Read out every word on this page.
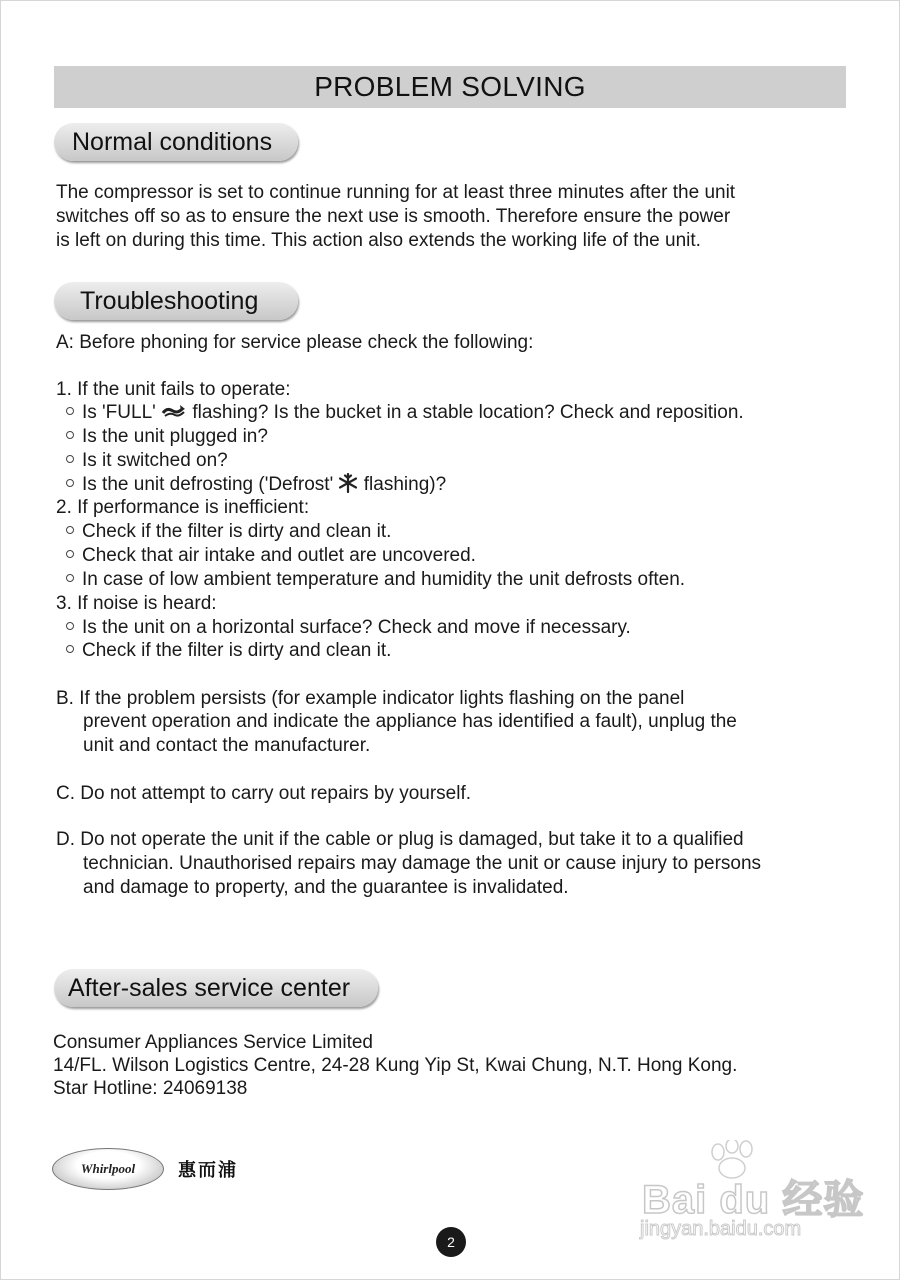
PROBLEM SOLVING
Normal conditions

The compressor is set to continue running for at least three minutes after the unit
switches off so as to ensure the next use is smooth. Therefore ensure the power
is left on during this time. This action also extends the working life of the unit.

Troubleshooting
A: Before phoning for service please check the following:
1. If the unit fails to operate:
Is 'FULL' flashing? Is the bucket in a stable location? Check and reposition.
Is the unit plugged in?
Is it switched on?
Is the unit defrosting ('Defrost' flashing)?
2. If performance is inefficient:
Check if the filter is dirty and clean it.
Check that air intake and outlet are uncovered.
In case of low ambient temperature and humidity the unit defrosts often.
3. If noise is heard:
Is the unit on a horizontal surface? Check and move if necessary.
Check if the filter is dirty and clean it.
B. If the problem persists (for example indicator lights flashing on the panel
prevent operation and indicate the appliance has identified a fault), unplug the
unit and contact the manufacturer.
C. Do not attempt to carry out repairs by yourself.
D. Do not operate the unit if the cable or plug is damaged, but take it to a qualified
technician. Unauthorised repairs may damage the unit or cause injury to persons
and damage to property, and the guarantee is invalidated.
After-sales service center
Consumer Appliances Service Limited
14/FL. Wilson Logistics Centre, 24-28 Kung Yip St, Kwai Chung, N.T. Hong Kong.
Star Hotline: 24069138
Whirlpool 惠而浦
Bai du 经验
jingyan.baidu.com
2
